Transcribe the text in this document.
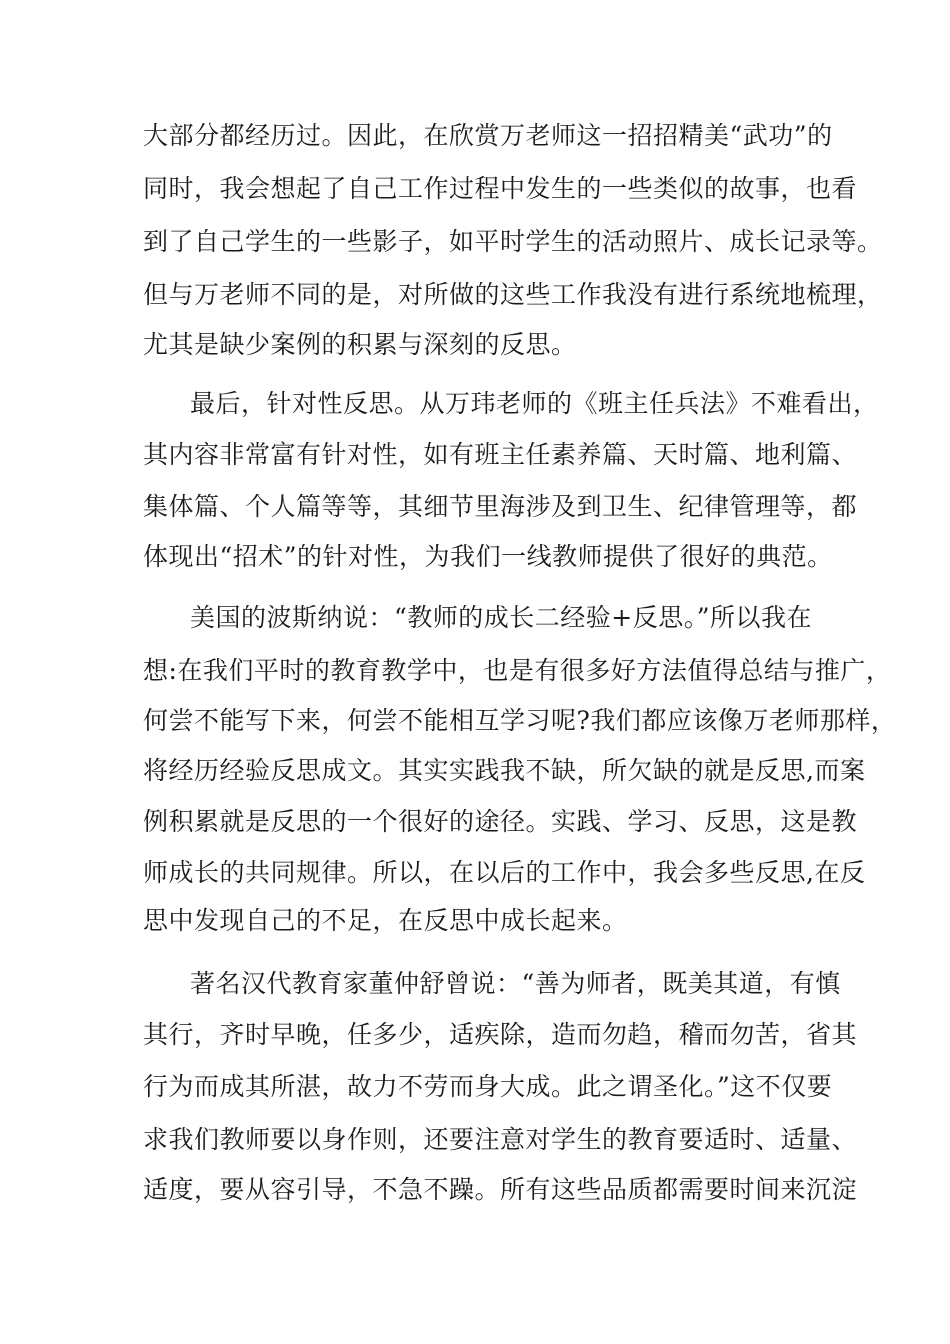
大部分都经历过。因此，在欣赏万老师这一招招精美“武功”的
同时，我会想起了自己工作过程中发生的一些类似的故事，也看
到了自己学生的一些影子，如平时学生的活动照片、成长记录等。
但与万老师不同的是，对所做的这些工作我没有进行系统地梳理，
尤其是缺少案例的积累与深刻的反思。
最后，针对性反思。从万玮老师的《班主任兵法》不难看出，
其内容非常富有针对性，如有班主任素养篇、天时篇、地利篇、
集体篇、个人篇等等，其细节里海涉及到卫生、纪律管理等，都
体现出“招术”的针对性，为我们一线教师提供了很好的典范。
美国的波斯纳说：“教师的成长二经验+反思。”所以我在
想:在我们平时的教育教学中，也是有很多好方法值得总结与推广，
何尝不能写下来，何尝不能相互学习呢?我们都应该像万老师那样，
将经历经验反思成文。其实实践我不缺，所欠缺的就是反思,而案
例积累就是反思的一个很好的途径。实践、学习、反思，这是教
师成长的共同规律。所以，在以后的工作中，我会多些反思,在反
思中发现自己的不足，在反思中成长起来。
著名汉代教育家董仲舒曾说：“善为师者，既美其道，有慎
其行，齐时早晚，任多少，适疾除，造而勿趋，稽而勿苦，省其
行为而成其所湛，故力不劳而身大成。此之谓圣化。”这不仅要
求我们教师要以身作则，还要注意对学生的教育要适时、适量、
适度，要从容引导，不急不躁。所有这些品质都需要时间来沉淀
